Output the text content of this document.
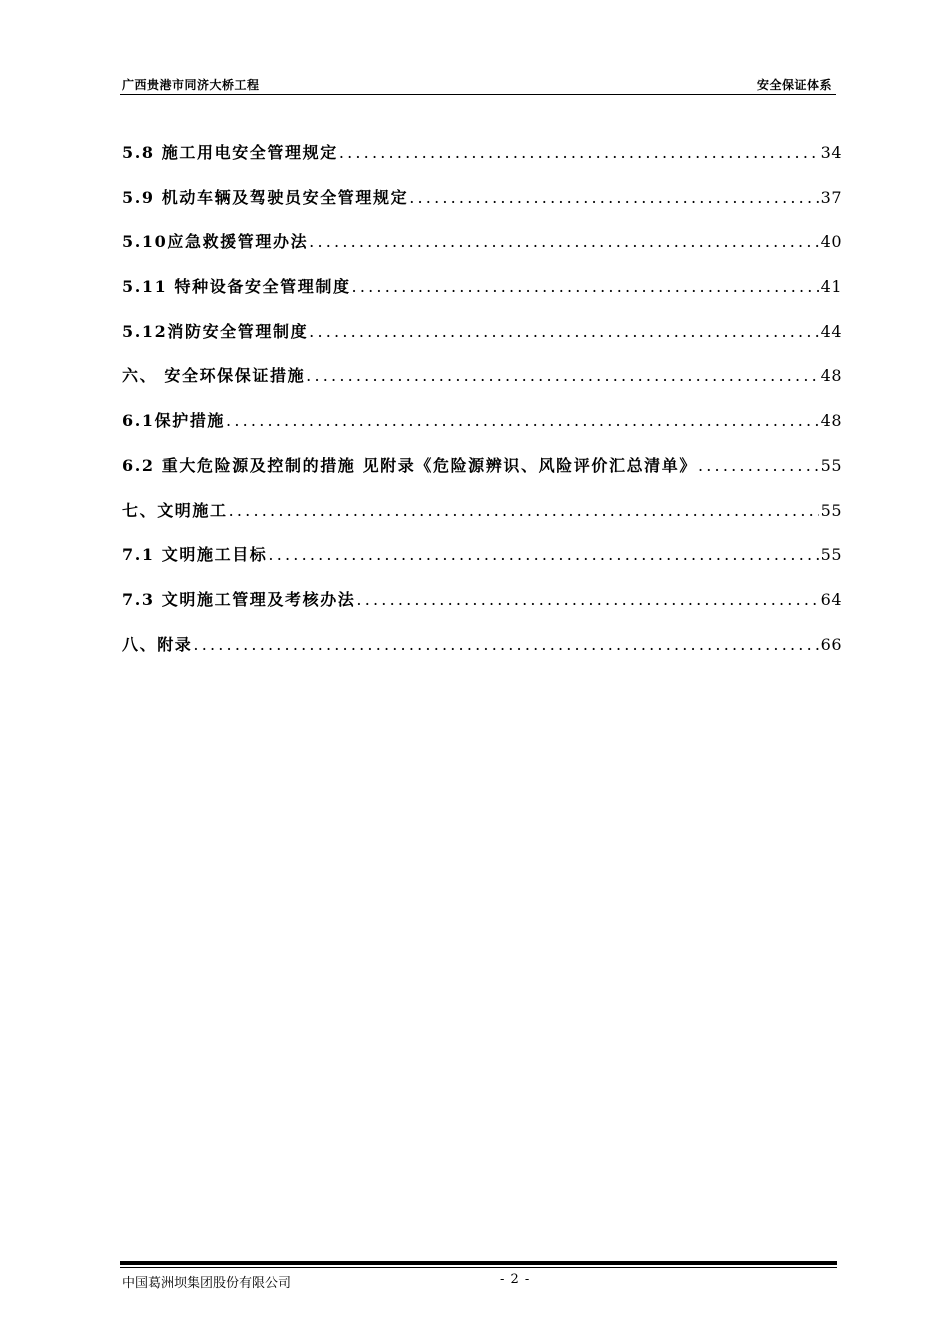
广西贵港市同济大桥工程	安全保证体系
5.8 施工用电安全管理规定 .....	34
5.9 机动车辆及驾驶员安全管理规定 .....	37
5.10应急救援管理办法 .....	40
5.11 特种设备安全管理制度 .....	41
5.12消防安全管理制度 .....	44
六、 安全环保保证措施 .....	48
6.1保护措施 .....	48
6.2 重大危险源及控制的措施 见附录《危险源辨识、风险评价汇总清单》 .....	55
七、文明施工 .....	55
7.1 文明施工目标 .....	55
7.3 文明施工管理及考核办法 .....	64
八、附录 .....	66
中国葛洲坝集团股份有限公司	- 2 -
